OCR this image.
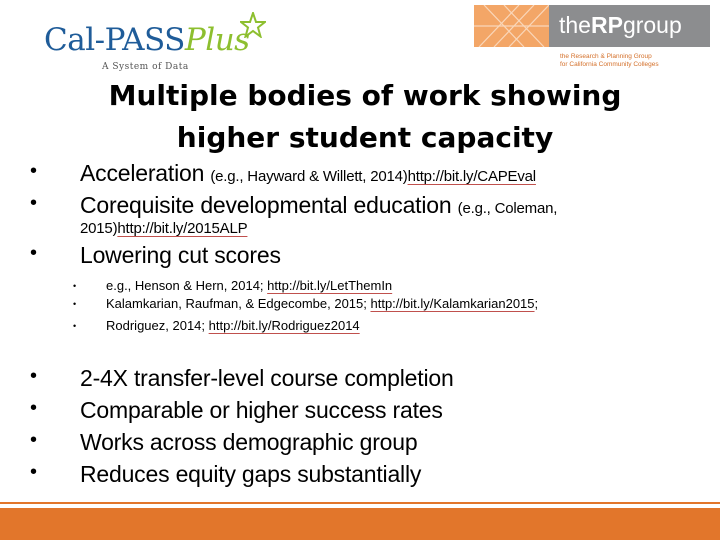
Cal-PASSPlus
A System of Data
theRPgroup
the Research & Planning Group
for California Community Colleges
Multiple bodies of work showing higher student capacity
• Acceleration (e.g., Hayward & Willett, 2014)http://bit.ly/CAPEval
• Corequisite developmental education (e.g., Coleman,
2015)http://bit.ly/2015ALP
• Lowering cut scores
• e.g., Henson & Hern, 2014; http://bit.ly/LetThemIn
• Kalamkarian, Raufman, & Edgecombe, 2015; http://bit.ly/Kalamkarian2015;
• Rodriguez, 2014; http://bit.ly/Rodriguez2014
• 2-4X transfer-level course completion
• Comparable or higher success rates
• Works across demographic group
• Reduces equity gaps substantially
